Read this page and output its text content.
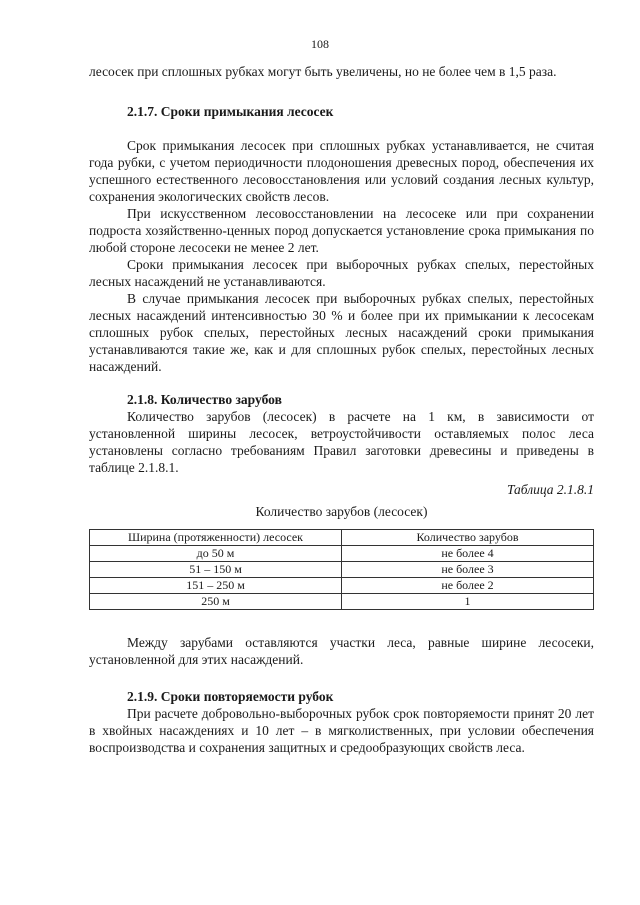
108

лесосек при сплошных рубках могут быть увеличены, но не более чем в 1,5 раза.

2.1.7. Сроки примыкания лесосек

Срок примыкания лесосек при сплошных рубках устанавливается, не считая года рубки, с учетом периодичности плодоношения древесных пород, обеспечения их успешного естественного лесовосстановления или условий создания лесных культур, сохранения экологических свойств лесов.

При искусственном лесовосстановлении на лесосеке или при сохранении подроста хозяйственно-ценных пород допускается установление срока примыкания по любой стороне лесосеки не менее 2 лет.

Сроки примыкания лесосек при выборочных рубках спелых, перестойных лесных насаждений не устанавливаются.

В случае примыкания лесосек при выборочных рубках спелых, перестойных лесных насаждений интенсивностью 30 % и более при их примыкании к лесосекам сплошных рубок спелых, перестойных лесных насаждений сроки примыкания устанавливаются такие же, как и для сплошных рубок спелых, перестойных лесных насаждений.

2.1.8. Количество зарубов

Количество зарубов (лесосек) в расчете на 1 км, в зависимости от установленной ширины лесосек, ветроустойчивости оставляемых полос леса установлены согласно требованиям Правил заготовки древесины и приведены в таблице 2.1.8.1.

Таблица 2.1.8.1

Количество зарубов (лесосек)

Ширина (протяженности) лесосек	Количество зарубов
до 50 м	не более 4
51 – 150 м	не более 3
151 – 250 м	не более 2
250 м	1

Между зарубами оставляются участки леса, равные ширине лесосеки, установленной для этих насаждений.

2.1.9. Сроки повторяемости рубок

При расчете добровольно-выборочных рубок срок повторяемости принят 20 лет в хвойных насаждениях и 10 лет – в мягколиственных, при условии обеспечения воспроизводства и сохранения защитных и средообразующих свойств леса.
